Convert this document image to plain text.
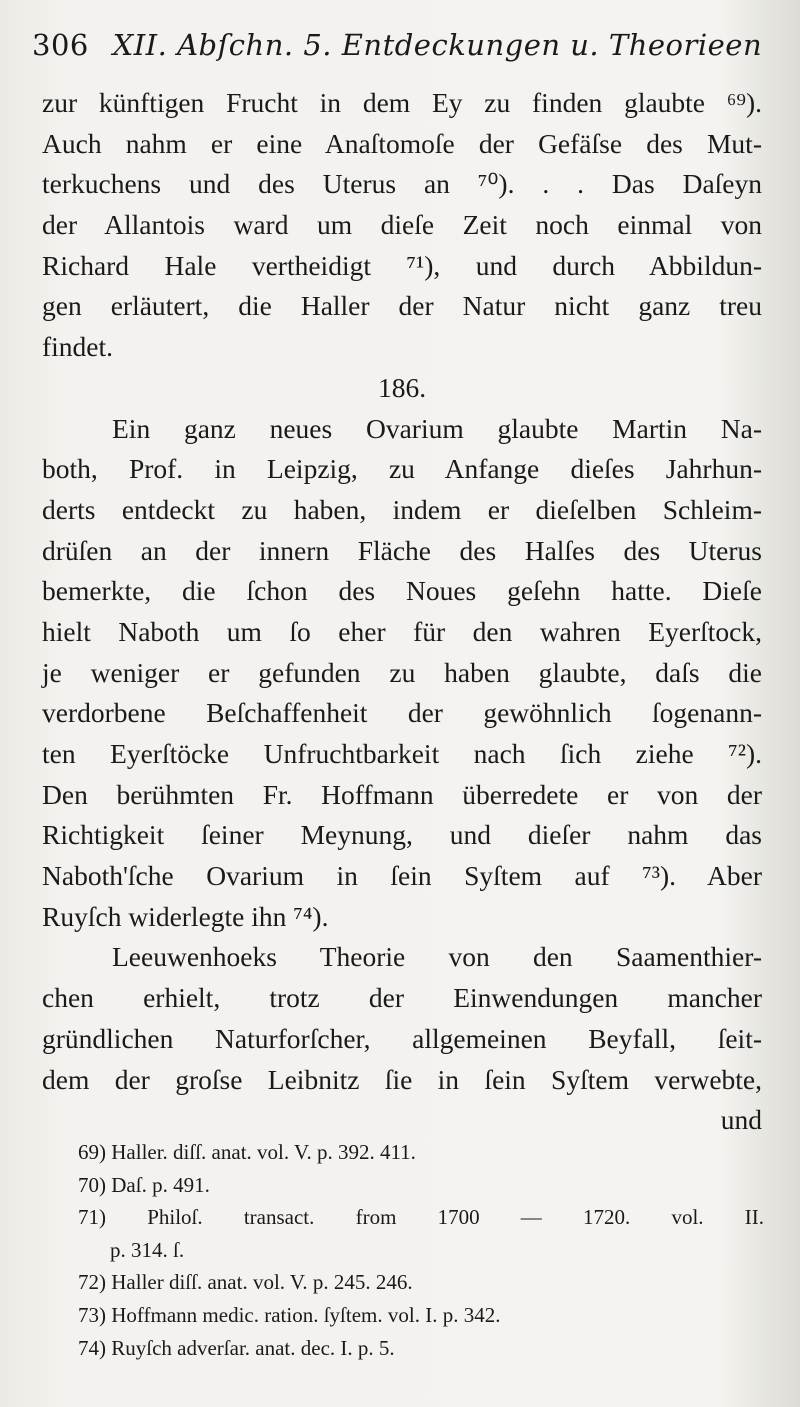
306 XII. Abſchn. 5. Entdeckungen u. Theorieen
zur künftigen Frucht in dem Ey zu finden glaubte ⁶⁹).
Auch nahm er eine Anaſtomoſe der Gefäſse des Mut-
terkuchens und des Uterus an ⁷⁰). . . Das Daſeyn
der Allantois ward um dieſe Zeit noch einmal von
Richard Hale vertheidigt ⁷¹), und durch Abbildun-
gen erläutert, die Haller der Natur nicht ganz treu
findet.
186.
Ein ganz neues Ovarium glaubte Martin Na-
both, Prof. in Leipzig, zu Anfange dieſes Jahrhun-
derts entdeckt zu haben, indem er dieſelben Schleim-
drüſen an der innern Fläche des Halſes des Uterus
bemerkte, die ſchon des Noues geſehn hatte. Dieſe
hielt Naboth um ſo eher für den wahren Eyerſtock,
je weniger er gefunden zu haben glaubte, daſs die
verdorbene Beſchaffenheit der gewöhnlich ſogenann-
ten Eyerſtöcke Unfruchtbarkeit nach ſich ziehe ⁷²).
Den berühmten Fr. Hoffmann überredete er von der
Richtigkeit ſeiner Meynung, und dieſer nahm das
Naboth'ſche Ovarium in ſein Syſtem auf ⁷³). Aber
Ruyſch widerlegte ihn ⁷⁴).
Leeuwenhoeks Theorie von den Saamenthier-
chen erhielt, trotz der Einwendungen mancher
gründlichen Naturforſcher, allgemeinen Beyfall, ſeit-
dem der groſse Leibnitz ſie in ſein Syſtem verwebte,
und
69) Haller. diſſ. anat. vol. V. p. 392. 411.
70) Daſ. p. 491.
71) Philoſ. transact. from 1700 — 1720. vol. II.
p. 314. ſ.
72) Haller diſſ. anat. vol. V. p. 245. 246.
73) Hoffmann medic. ration. ſyſtem. vol. I. p. 342.
74) Ruyſch adverſar. anat. dec. I. p. 5.
